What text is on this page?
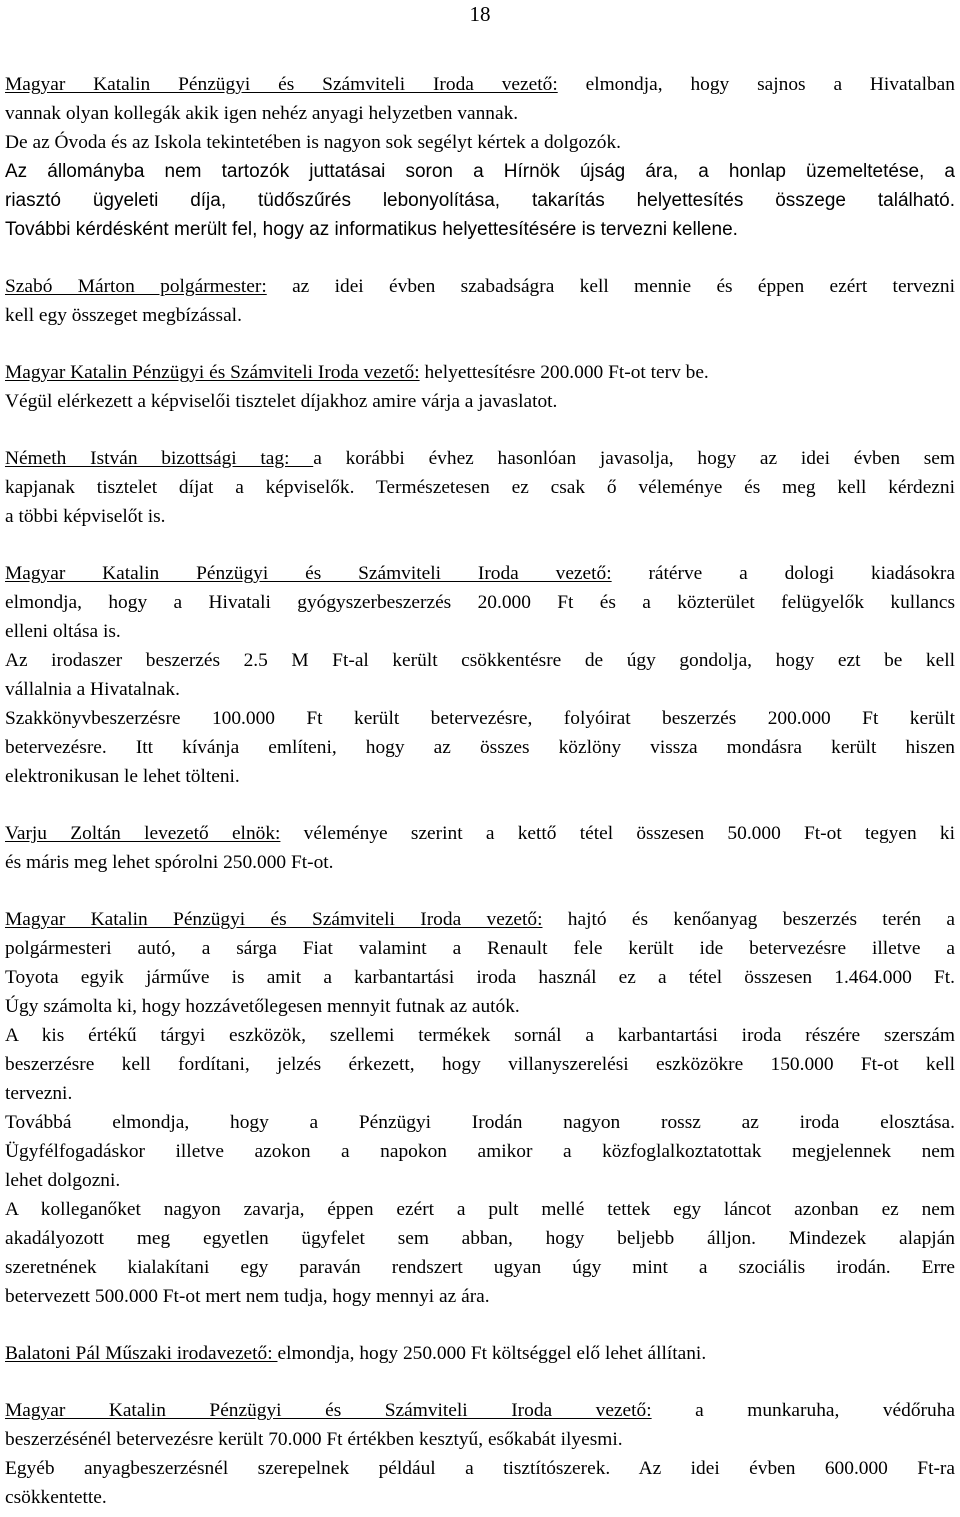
18
Magyar Katalin Pénzügyi és Számviteli Iroda vezető: elmondja, hogy sajnos a Hivatalban
vannak olyan kollegák akik igen nehéz anyagi helyzetben vannak.
De az Óvoda és az Iskola tekintetében is nagyon sok segélyt kértek a dolgozók.
Az állományba nem tartozók juttatásai soron a Hírnök újság ára, a honlap üzemeltetése, a
riasztó ügyeleti díja, tüdőszűrés lebonyolítása, takarítás helyettesítés összege található.
További kérdésként merült fel, hogy az informatikus helyettesítésére is tervezni kellene.
Szabó Márton polgármester: az idei évben szabadságra kell mennie és éppen ezért tervezni
kell egy összeget megbízással.
Magyar Katalin Pénzügyi és Számviteli Iroda vezető: helyettesítésre 200.000 Ft-ot terv be.
Végül elérkezett a képviselői tisztelet díjakhoz amire várja a javaslatot.
Németh István bizottsági tag: a korábbi évhez hasonlóan javasolja, hogy az idei évben sem
kapjanak tisztelet díjat a képviselők. Természetesen ez csak ő véleménye és meg kell kérdezni
a többi képviselőt is.
Magyar Katalin Pénzügyi és Számviteli Iroda vezető: rátérve a dologi kiadásokra
elmondja, hogy a Hivatali gyógyszerbeszerzés 20.000 Ft és a közterület felügyelők kullancs
elleni oltása is.
Az irodaszer beszerzés 2.5 M Ft-al került csökkentésre de úgy gondolja, hogy ezt be kell
vállalnia a Hivatalnak.
Szakkönyvbeszerzésre 100.000 Ft került betervezésre, folyóirat beszerzés 200.000 Ft került
betervezésre. Itt kívánja említeni, hogy az összes közlöny vissza mondásra került hiszen
elektronikusan le lehet tölteni.
Varju Zoltán levezető elnök: véleménye szerint a kettő tétel összesen 50.000 Ft-ot tegyen ki
és máris meg lehet spórolni 250.000 Ft-ot.
Magyar Katalin Pénzügyi és Számviteli Iroda vezető: hajtó és kenőanyag beszerzés terén a
polgármesteri autó, a sárga Fiat valamint a Renault fele került ide betervezésre illetve a
Toyota egyik járműve is amit a karbantartási iroda használ ez a tétel összesen 1.464.000 Ft.
Úgy számolta ki, hogy hozzávetőlegesen mennyit futnak az autók.
A kis értékű tárgyi eszközök, szellemi termékek sornál a karbantartási iroda részére szerszám
beszerzésre kell fordítani, jelzés érkezett, hogy villanyszerelési eszközökre 150.000 Ft-ot kell
tervezni.
Továbbá elmondja, hogy a Pénzügyi Irodán nagyon rossz az iroda elosztása.
Ügyfélfogadáskor illetve azokon a napokon amikor a közfoglalkoztatottak megjelennek nem
lehet dolgozni.
A kolleganőket nagyon zavarja, éppen ezért a pult mellé tettek egy láncot azonban ez nem
akadályozott meg egyetlen ügyfelet sem abban, hogy beljebb álljon. Mindezek alapján
szeretnének kialakítani egy paraván rendszert ugyan úgy mint a szociális irodán. Erre
betervezett 500.000 Ft-ot mert nem tudja, hogy mennyi az ára.
Balatoni Pál Műszaki irodavezető: elmondja, hogy 250.000 Ft költséggel elő lehet állítani.
Magyar Katalin Pénzügyi és Számviteli Iroda vezető: a munkaruha, védőruha
beszerzésénél betervezésre került 70.000 Ft értékben kesztyű, esőkabát ilyesmi.
Egyéb anyagbeszerzésnél szerepelnek például a tisztítószerek. Az idei évben 600.000 Ft-ra
csökkentette.
